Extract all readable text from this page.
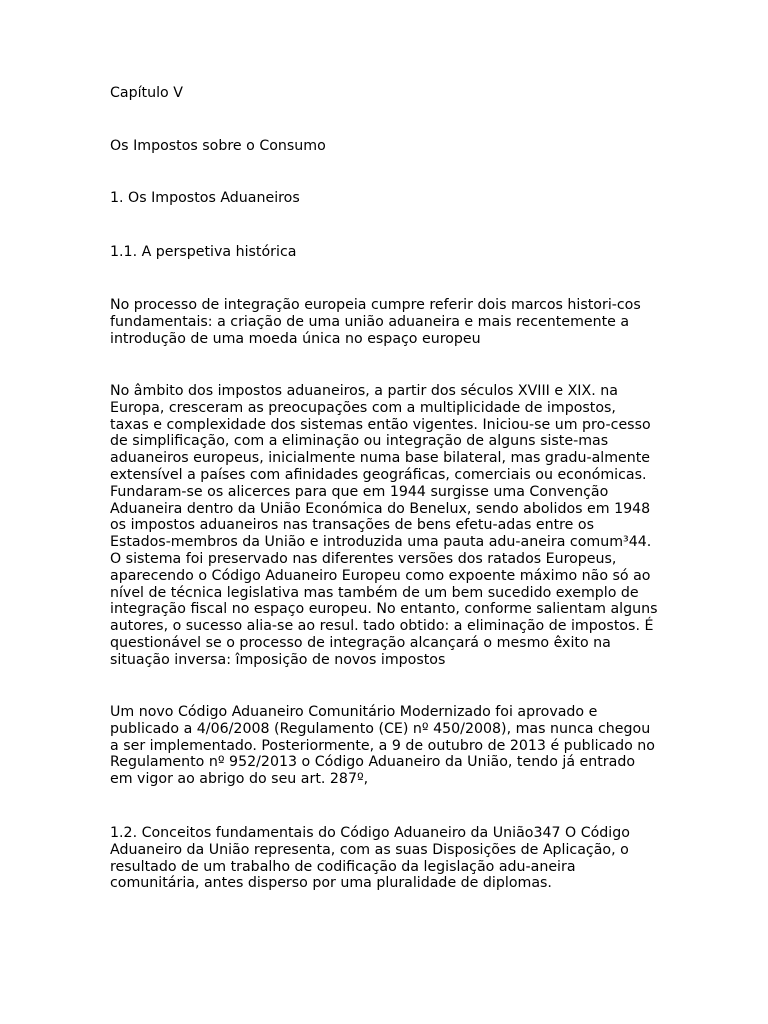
Capítulo V

Os Impostos sobre o Consumo

1. Os Impostos Aduaneiros

1.1. A perspetiva histórica

No processo de integração europeia cumpre referir dois marcos histori-cos
fundamentais: a criação de uma união aduaneira e mais recentemente a
introdução de uma moeda única no espaço europeu

No âmbito dos impostos aduaneiros, a partir dos séculos XVIII e XIX. na
Europa, cresceram as preocupações com a multiplicidade de impostos,
taxas e complexidade dos sistemas então vigentes. Iniciou-se um pro-cesso
de simplificação, com a eliminação ou integração de alguns siste-mas
aduaneiros europeus, inicialmente numa base bilateral, mas gradu-almente
extensível a países com afinidades geográficas, comerciais ou económicas.
Fundaram-se os alicerces para que em 1944 surgisse uma Convenção
Aduaneira dentro da União Económica do Benelux, sendo abolidos em 1948
os impostos aduaneiros nas transações de bens efetu-adas entre os
Estados-membros da União e introduzida uma pauta adu-aneira comum³44.
O sistema foi preservado nas diferentes versões dos ratados Europeus,
aparecendo o Código Aduaneiro Europeu como expoente máximo não só ao
nível de técnica legislativa mas também de um bem sucedido exemplo de
integração fiscal no espaço europeu. No entanto, conforme salientam alguns
autores, o sucesso alia-se ao resul. tado obtido: a eliminação de impostos. É
questionável se o processo de integração alcançará o mesmo êxito na
situação inversa: împosição de novos impostos

Um novo Código Aduaneiro Comunitário Modernizado foi aprovado e
publicado a 4/06/2008 (Regulamento (CE) nº 450/2008), mas nunca chegou
a ser implementado. Posteriormente, a 9 de outubro de 2013 é publicado no
Regulamento nº 952/2013 o Código Aduaneiro da União, tendo já entrado
em vigor ao abrigo do seu art. 287º,

1.2. Conceitos fundamentais do Código Aduaneiro da União347 O Código
Aduaneiro da União representa, com as suas Disposições de Aplicação, o
resultado de um trabalho de codificação da legislação adu-aneira
comunitária, antes disperso por uma pluralidade de diplomas.
